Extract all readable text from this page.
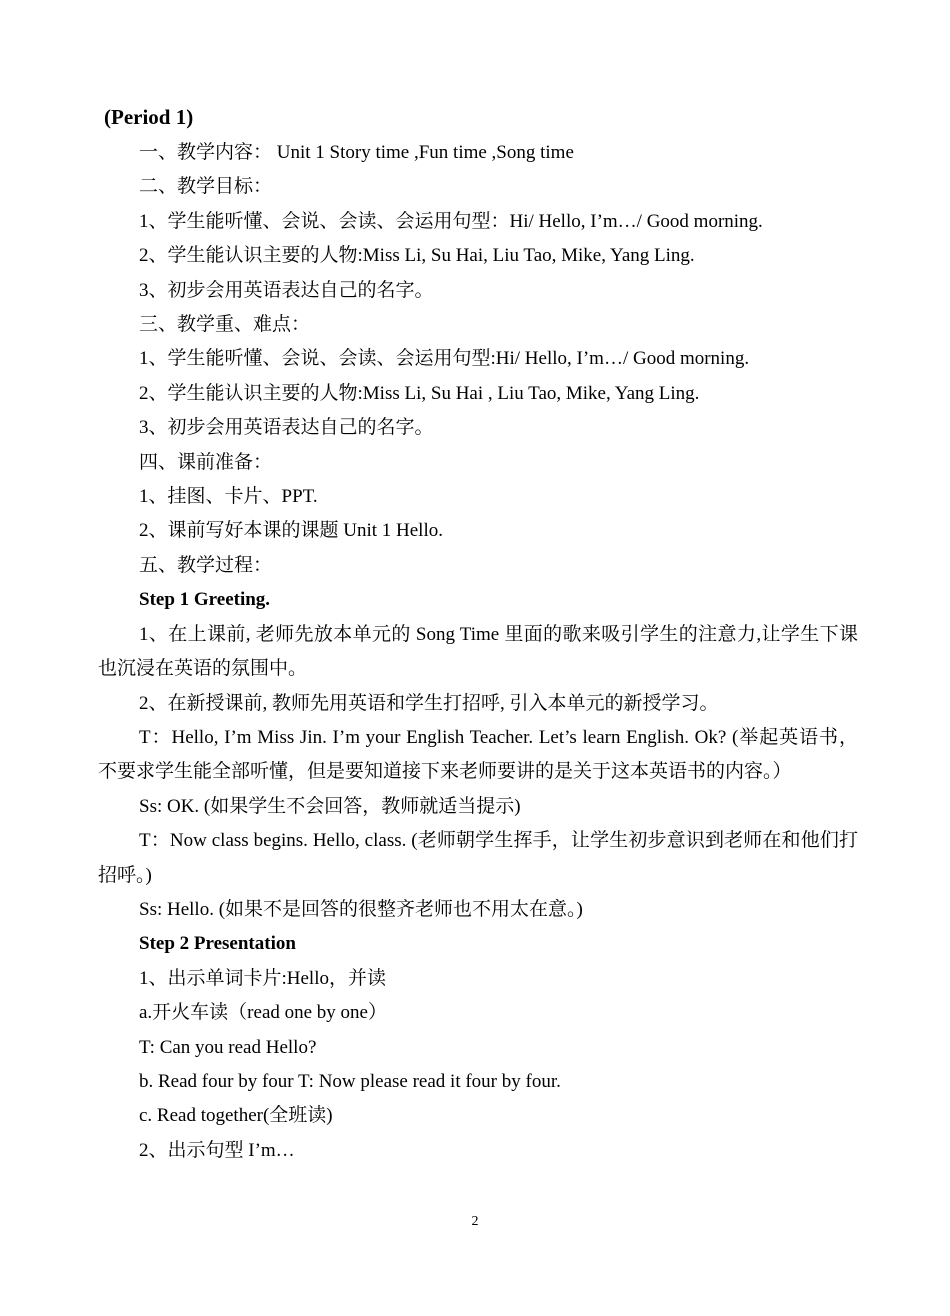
(Period 1)

一、教学内容： Unit 1 Story time ,Fun time ,Song time

二、教学目标：

1、学生能听懂、会说、会读、会运用句型：Hi/ Hello, I’m…/ Good morning.

2、学生能认识主要的人物:Miss Li, Su Hai, Liu Tao, Mike, Yang Ling.

3、初步会用英语表达自己的名字。

三、教学重、难点：

1、学生能听懂、会说、会读、会运用句型:Hi/ Hello, I’m…/ Good morning.

2、学生能认识主要的人物:Miss Li, Su Hai , Liu Tao, Mike, Yang Ling.

3、初步会用英语表达自己的名字。

四、课前准备：

1、挂图、卡片、PPT.

2、课前写好本课的课题 Unit 1 Hello.

五、教学过程：

Step 1 Greeting.

1、在上课前, 老师先放本单元的 Song Time 里面的歌来吸引学生的注意力,让学生下课也沉浸在英语的氛围中。

2、在新授课前, 教师先用英语和学生打招呼, 引入本单元的新授学习。

T：Hello, I’m Miss Jin. I’m your English Teacher. Let’s learn English. Ok? (举起英语书，不要求学生能全部听懂，但是要知道接下来老师要讲的是关于这本英语书的内容。）

Ss: OK. (如果学生不会回答，教师就适当提示)

T：Now class begins. Hello, class. (老师朝学生挥手，让学生初步意识到老师在和他们打招呼。)

Ss: Hello. (如果不是回答的很整齐老师也不用太在意。)

Step 2 Presentation

1、出示单词卡片:Hello，并读

a.开火车读（read one by one）

T: Can you read Hello?

b. Read four by four T: Now please read it four by four.

c. Read together(全班读)

2、出示句型 I’m…

2
